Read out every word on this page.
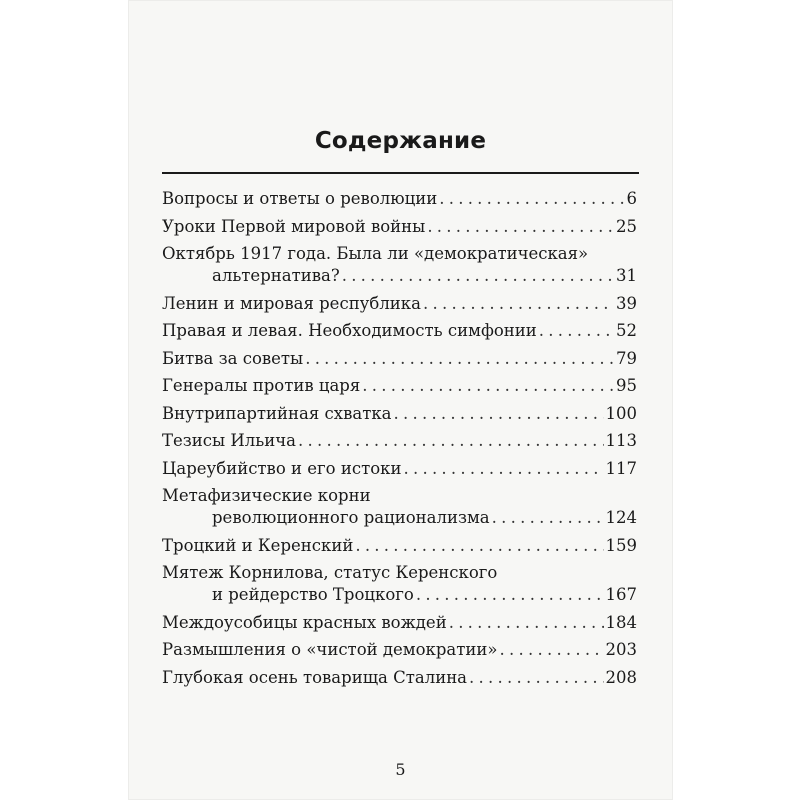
Содержание
Вопросы и ответы о революции . . .	6
Уроки Первой мировой войны . . .	25
Октябрь 1917 года. Была ли «демократическая»
альтернатива? . . .	31
Ленин и мировая республика . . .	39
Правая и левая. Необходимость симфонии . . .	52
Битва за советы . . .	79
Генералы против царя . . .	95
Внутрипартийная схватка . . .	100
Тезисы Ильича . . .	113
Цареубийство и его истоки . . .	117
Метафизические корни
революционного рационализма . . .	124
Троцкий и Керенский . . .	159
Мятеж Корнилова, статус Керенского
и рейдерство Троцкого . . .	167
Междоусобицы красных вождей . . .	184
Размышления о «чистой демократии» . . .	203
Глубокая осень товарища Сталина . . .	208
5
